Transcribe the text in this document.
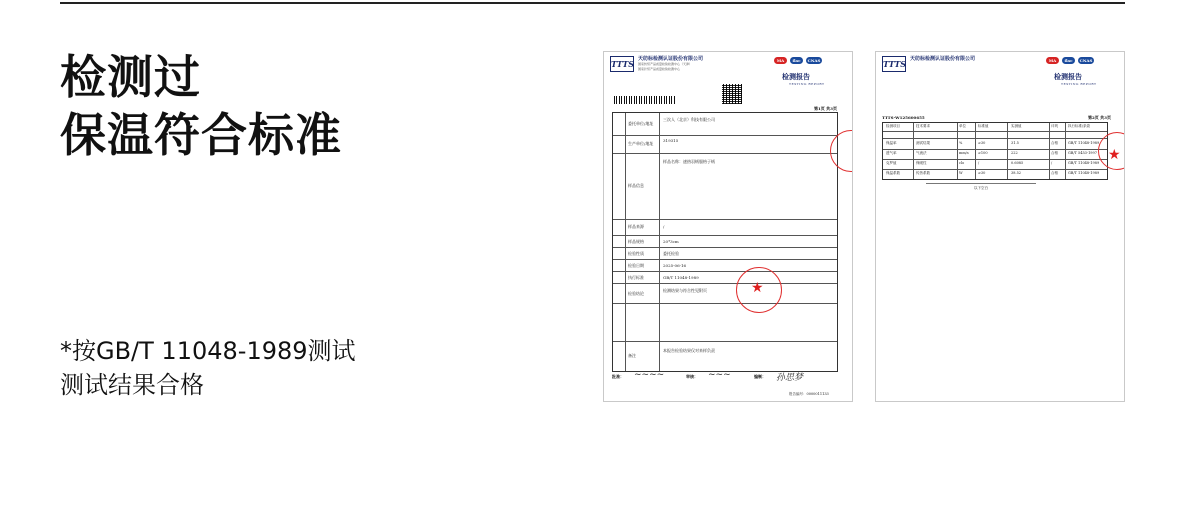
检测过
保温符合标准
*按GB/T 11048-1989测试
测试结果合格
TTTS 天纺标检测认证股份有限公司
国家纺织产品质量检验检测中心（天津）
国家针织产品质量检验检测中心
MA	ilac	CNAS
检测报告
TESTING REPORT
第1页 共3页
委托单位/地址
三次人（北京）科技有限公司
生产单位/地址
319315
样品信息
样品名称：速热羽绒服格子绒
样品来源	/
样品规格	20*3cm
检验性质	委托检验
检验日期	2025-06-16
执行标准	GB/T 11048-1989
检验结论
检测结果与符合性见附页
备注
本报告检验结果仅对来样负责
★
批准： ~~~~	审核： ~~~	编制： 孙思梦
报告编号：0000011133
TTTS 天纺标检测认证股份有限公司	MA	ilac	CNAS
检测报告
TESTING REPORT
TTTS-W125600655	第2页 共3页
检测项目	技术要求	单位	标准值	实测值	评判	执行标准/条款
保温率	测试结果	%	≥30	31.5	合格	GB/T 11048-1989
透气率	气流法	mm/s	≥100	222	合格	GB/T 5453-1997
克罗值	保暖性	clo	/	0.6085	/	GB/T 11048-1989
保温系数	传热系数	W	≥30	38.52	合格	GB/T 11048-1989
★
以下空白
